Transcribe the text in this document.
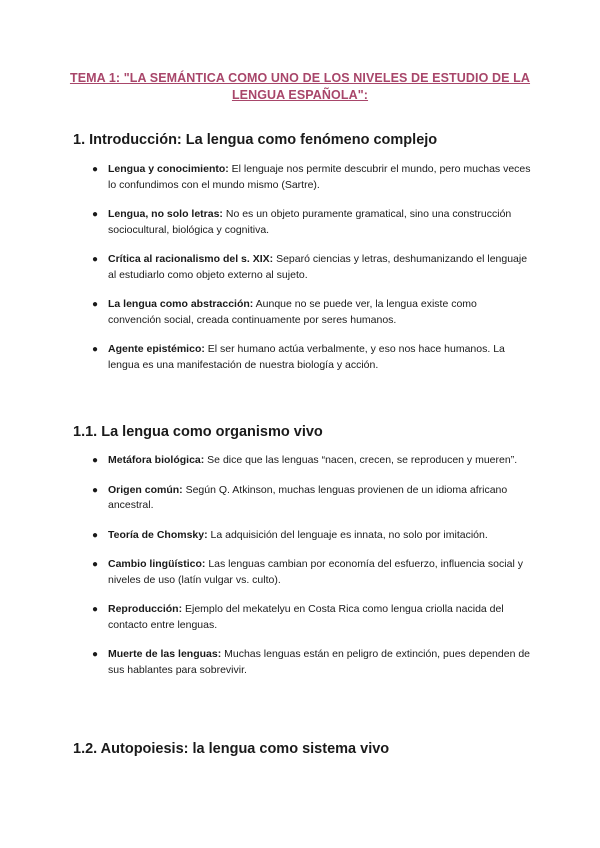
TEMA 1: "LA SEMÁNTICA COMO UNO DE LOS NIVELES DE ESTUDIO DE LA LENGUA ESPAÑOLA":
1. Introducción: La lengua como fenómeno complejo
● Lengua y conocimiento: El lenguaje nos permite descubrir el mundo, pero muchas veces lo confundimos con el mundo mismo (Sartre).
● Lengua, no solo letras: No es un objeto puramente gramatical, sino una construcción sociocultural, biológica y cognitiva.
● Crítica al racionalismo del s. XIX: Separó ciencias y letras, deshumanizando el lenguaje al estudiarlo como objeto externo al sujeto.
● La lengua como abstracción: Aunque no se puede ver, la lengua existe como convención social, creada continuamente por seres humanos.
● Agente epistémico: El ser humano actúa verbalmente, y eso nos hace humanos. La lengua es una manifestación de nuestra biología y acción.
1.1. La lengua como organismo vivo
● Metáfora biológica: Se dice que las lenguas “nacen, crecen, se reproducen y mueren”.
● Origen común: Según Q. Atkinson, muchas lenguas provienen de un idioma africano ancestral.
● Teoría de Chomsky: La adquisición del lenguaje es innata, no solo por imitación.
● Cambio lingüístico: Las lenguas cambian por economía del esfuerzo, influencia social y niveles de uso (latín vulgar vs. culto).
● Reproducción: Ejemplo del mekatelyu en Costa Rica como lengua criolla nacida del contacto entre lenguas.
● Muerte de las lenguas: Muchas lenguas están en peligro de extinción, pues dependen de sus hablantes para sobrevivir.
1.2. Autopoiesis: la lengua como sistema vivo
